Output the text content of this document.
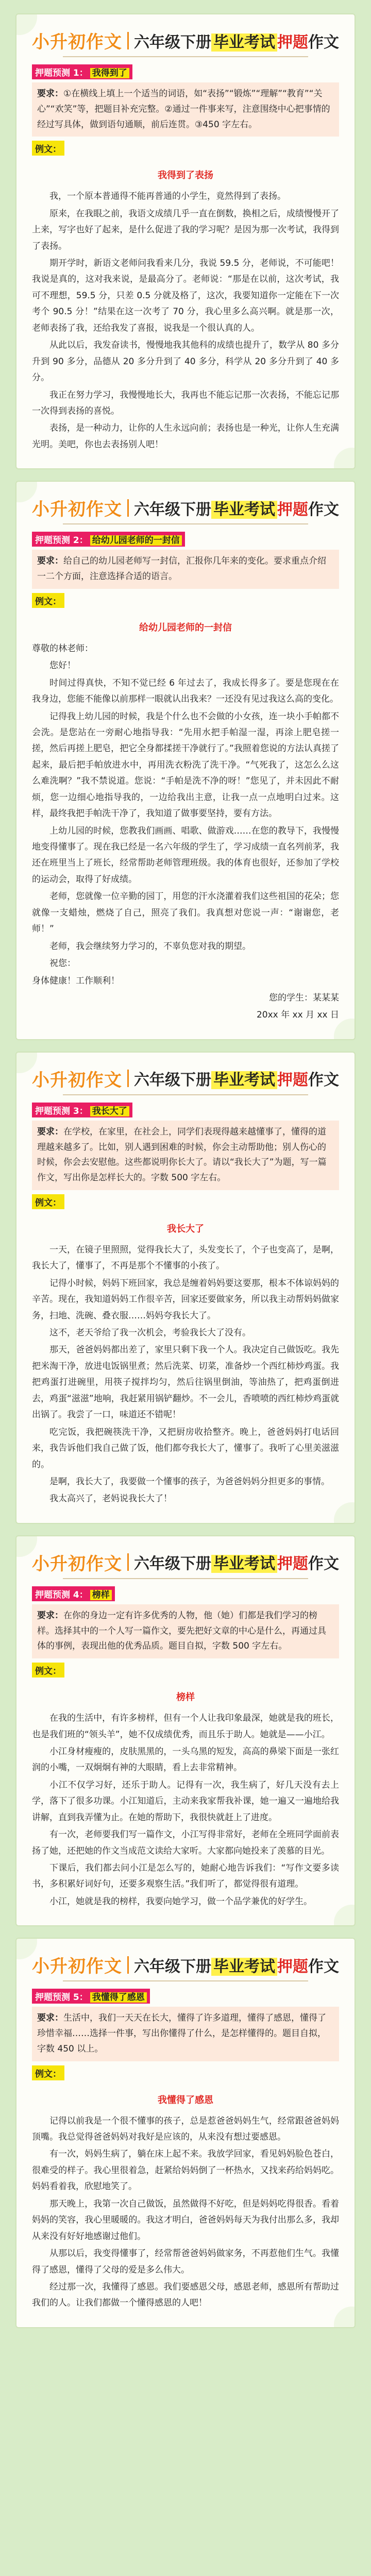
小升初作文 六年级下册 毕业考试 押题作文
押题预测 1： 我得到了
要求：①在横线上填上一个适当的词语，如“表扬”“锻炼”“理解”“教育”“关心”“欢笑”等，把题目补充完整。②通过一件事来写，注意围绕中心把事情的经过写具体，做到语句通顺，前后连贯。③450 字左右。
例文：
我得到了表扬

我，一个原本普通得不能再普通的小学生，竟然得到了表扬。

原来，在我眼之前，我语文成绩几乎一直在倒数，换相之后，成绩慢慢开了上来，写字也好了起来，是什么促进了我的学习呢？是因为那一次考试，我得到了表扬。

期开学时，新语文老师问我看来几分，我说 59.5 分，老师说，不可能吧！我说是真的，这对我来说，是最高分了。老师说：“那是在以前，这次考试，我可不理想，59.5 分，只差 0.5 分就及格了，这次，我要知道你一定能在下一次考个 90.5 分！”结果在这一次考了 70 分，我心里多么高兴啊。就是那一次，老师表扬了我，还给我发了喜报，说我是一个很认真的人。

从此以后，我发奋读书，慢慢地我其他科的成绩也提升了，数学从 80 多分升到 90 多分，品德从 20 多分升到了 40 多分，科学从 20 多分升到了 40 多分。

我正在努力学习，我慢慢地长大，我再也不能忘记那一次表扬，不能忘记那一次得到表扬的喜悦。

表扬，是一种动力，让你的人生永远向前；表扬也是一种光，让你人生充满光明。美吧，你也去表扬别人吧！

小升初作文 六年级下册 毕业考试 押题作文
押题预测 2： 给幼儿园老师的一封信
要求：给自己的幼儿园老师写一封信，汇报你几年来的变化。要求重点介绍一二个方面，注意选择合适的语言。
例文：
给幼儿园老师的一封信

尊敬的林老师：

您好！

时间过得真快，不知不觉已经 6 年过去了，我成长得多了。要是您现在在我身边，您能不能像以前那样一眼就认出我来？一还没有见过我这么高的变化。

记得我上幼儿园的时候，我是个什么也不会做的小女孩，连一块小手帕都不会洗。是您站在一旁耐心地指导我：“先用水把手帕湿一湿，再涂上肥皂搓一搓，然后再搓上肥皂，把它全身都揉搓干净就行了。”我照着您说的方法认真搓了起来，最后把手帕放进水中，再用洗衣粉洗了洗干净。“气死我了，这怎么么这么难洗啊？”我不禁说道。您说：“手帕是洗不净的呀！”您见了，并未因此不耐烦，您一边细心地指导我的，一边给我出主意，让我一点一点地明白过来。这样，最终我把手帕洗干净了，我知道了做事要坚持，要有方法。

上幼儿园的时候，您教我们画画、唱歌、做游戏……在您的教导下，我慢慢地变得懂事了。现在我已经是一名六年级的学生了，学习成绩一直名列前茅，我还在班里当上了班长，经常帮助老师管理班级。我的体育也很好，还参加了学校的运动会，取得了好成绩。

老师，您就像一位辛勤的园丁，用您的汗水浇灌着我们这些祖国的花朵；您就像一支蜡烛，燃烧了自己，照亮了我们。我真想对您说一声：“谢谢您，老师！”

老师，我会继续努力学习的，不辜负您对我的期望。

祝您：

身体健康！工作顺利！

您的学生：某某某

20xx 年 xx 月 xx 日

小升初作文 六年级下册 毕业考试 押题作文
押题预测 3： 我长大了
要求：在学校，在家里，在社会上，同学们表现得越来越懂事了，懂得的道理越来越多了。比如，别人遇到困难的时候，你会主动帮助他；别人伤心的时候，你会去安慰他。这些都说明你长大了。请以“我长大了”为题，写一篇作文，写出你是怎样长大的。字数 500 字左右。
例文：
我长大了

一天，在镜子里照照，觉得我长大了，头发变长了，个子也变高了，是啊，我长大了，懂事了，不再是那个不懂事的小孩了。

记得小时候，妈妈下班回家，我总是缠着妈妈要这要那，根本不体谅妈妈的辛苦。现在，我知道妈妈工作很辛苦，回家还要做家务，所以我主动帮妈妈做家务，扫地、洗碗、叠衣服……妈妈夸我长大了。

这不，老天爷给了我一次机会，考验我长大了没有。

那天，爸爸妈妈都出差了，家里只剩下我一个人。我决定自己做饭吃。我先把米淘干净，放进电饭锅里煮；然后洗菜、切菜，准备炒一个西红柿炒鸡蛋。我把鸡蛋打进碗里，用筷子搅拌均匀，然后往锅里倒油，等油热了，把鸡蛋倒进去，鸡蛋“滋滋”地响，我赶紧用锅铲翻炒。不一会儿，香喷喷的西红柿炒鸡蛋就出锅了。我尝了一口，味道还不错呢！

吃完饭，我把碗筷洗干净，又把厨房收拾整齐。晚上，爸爸妈妈打电话回来，我告诉他们我自己做了饭，他们都夸我长大了，懂事了。我听了心里美滋滋的。

是啊，我长大了，我要做一个懂事的孩子，为爸爸妈妈分担更多的事情。

我太高兴了，老妈说我长大了！

小升初作文 六年级下册 毕业考试 押题作文
押题预测 4： 榜样
要求：在你的身边一定有许多优秀的人物，他（她）们都是我们学习的榜样。选择其中的一个人写一篇作文，要先把好文章的中心是什么，再通过具体的事例，表现出他的优秀品质。题目自拟，字数 500 字左右。
例文：
榜样

在我的生活中，有许多榜样，但有一个人让我印象最深，她就是我的班长，也是我们班的“领头羊”，她不仅成绩优秀，而且乐于助人。她就是——小江。

小江身材瘦瘦的，皮肤黑黑的，一头乌黑的短发，高高的鼻梁下面是一张红润的小嘴，一双炯炯有神的大眼睛，看上去非常精神。

小江不仅学习好，还乐于助人。记得有一次，我生病了，好几天没有去上学，落下了很多功课。小江知道后，主动来我家帮我补课，她一遍又一遍地给我讲解，直到我弄懂为止。在她的帮助下，我很快就赶上了进度。

有一次，老师要我们写一篇作文，小江写得非常好，老师在全班同学面前表扬了她，还把她的作文当成范文读给大家听。大家都向她投来了羡慕的目光。

下课后，我们都去问小江是怎么写的，她耐心地告诉我们：“写作文要多读书，多积累好词好句，还要多观察生活。”我们听了，都觉得很有道理。

小江，她就是我的榜样，我要向她学习，做一个品学兼优的好学生。

小升初作文 六年级下册 毕业考试 押题作文
押题预测 5： 我懂得了感恩
要求：生活中，我们一天天在长大，懂得了许多道理，懂得了感恩，懂得了珍惜幸福……选择一件事，写出你懂得了什么，是怎样懂得的。题目自拟，字数 450 以上。
例文：
我懂得了感恩

记得以前我是一个很不懂事的孩子，总是惹爸爸妈妈生气，经常跟爸爸妈妈顶嘴。我总觉得爸爸妈妈对我好是应该的，从来没有想过要感恩。

有一次，妈妈生病了，躺在床上起不来。我放学回家，看见妈妈脸色苍白，很难受的样子。我心里很着急，赶紧给妈妈倒了一杯热水，又找来药给妈妈吃。妈妈看着我，欣慰地笑了。

那天晚上，我第一次自己做饭，虽然做得不好吃，但是妈妈吃得很香。看着妈妈的笑容，我心里暖暖的。我这才明白，爸爸妈妈每天为我付出那么多，我却从来没有好好地感谢过他们。

从那以后，我变得懂事了，经常帮爸爸妈妈做家务，不再惹他们生气。我懂得了感恩，懂得了父母的爱是多么伟大。

经过那一次，我懂得了感恩。我们要感恩父母，感恩老师，感恩所有帮助过我们的人。让我们都做一个懂得感恩的人吧！
